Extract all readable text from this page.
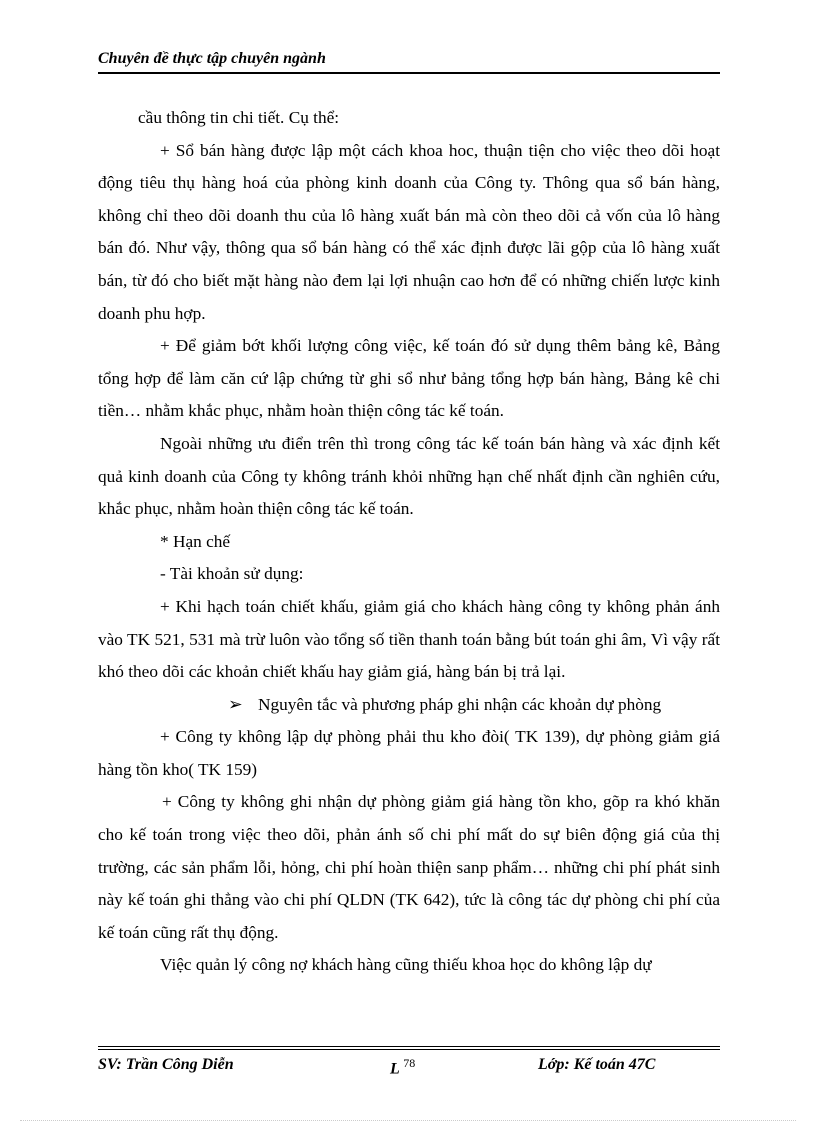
Chuyên đề thực tập chuyên ngành

cầu thông tin chi tiết. Cụ thể:

+ Sổ bán hàng được lập một cách khoa hoc, thuận tiện cho việc theo dõi hoạt động tiêu thụ hàng hoá của phòng kinh doanh của Công ty. Thông qua sổ bán hàng, không chỉ theo dõi doanh thu của lô hàng xuất bán mà còn theo dõi cả vốn của lô hàng bán đó. Như vậy, thông qua sổ bán hàng có thể xác định được lãi gộp của lô hàng xuất bán, từ đó cho biết mặt hàng nào đem lại lợi nhuận cao hơn để có những chiến lược kinh doanh phu hợp.

+ Để giảm bớt khối lượng công việc, kế toán đó sử dụng thêm bảng kê, Bảng tổng hợp để làm căn cứ lập chứng từ ghi sổ như bảng tổng hợp bán hàng, Bảng kê chi tiền… nhằm khắc phục, nhằm hoàn thiện công tác kế toán.

Ngoài những ưu điển trên thì trong công tác kế toán bán hàng và xác định kết quả kinh doanh của Công ty không tránh khỏi những hạn chế nhất định cần nghiên cứu, khắc phục, nhằm hoàn thiện công tác kế toán.

* Hạn chế

- Tài khoản sử dụng:

+ Khi hạch toán chiết khấu, giảm giá cho khách hàng công ty không phản ánh vào TK 521, 531 mà trừ luôn vào tổng số tiền thanh toán bằng bút toán ghi âm, Vì vậy rất khó theo dõi các khoản chiết khấu hay giảm giá, hàng bán bị trả lại.

➢ Nguyên tắc và phương pháp ghi nhận các khoản dự phòng

+ Công ty không lập dự phòng phải thu kho đòi( TK 139), dự phòng giảm giá hàng tồn kho( TK 159)

+ Công ty không ghi nhận dự phòng giảm giá hàng tồn kho, gõp ra khó khăn cho kế toán trong việc theo dõi, phản ánh số chi phí mất do sự biên động giá của thị trường, các sản phẩm lỗi, hỏng, chi phí hoàn thiện sanp phẩm… những chi phí phát sinh này kế toán ghi thẳng vào chi phí QLDN (TK 642), tức là công tác dự phòng chi phí của kế toán cũng rất thụ động.

Việc quản lý công nợ khách hàng cũng thiếu khoa học do không lập dự

SV: Trần Công Diễn	L $^{78}$	Lớp: Kế toán 47C
